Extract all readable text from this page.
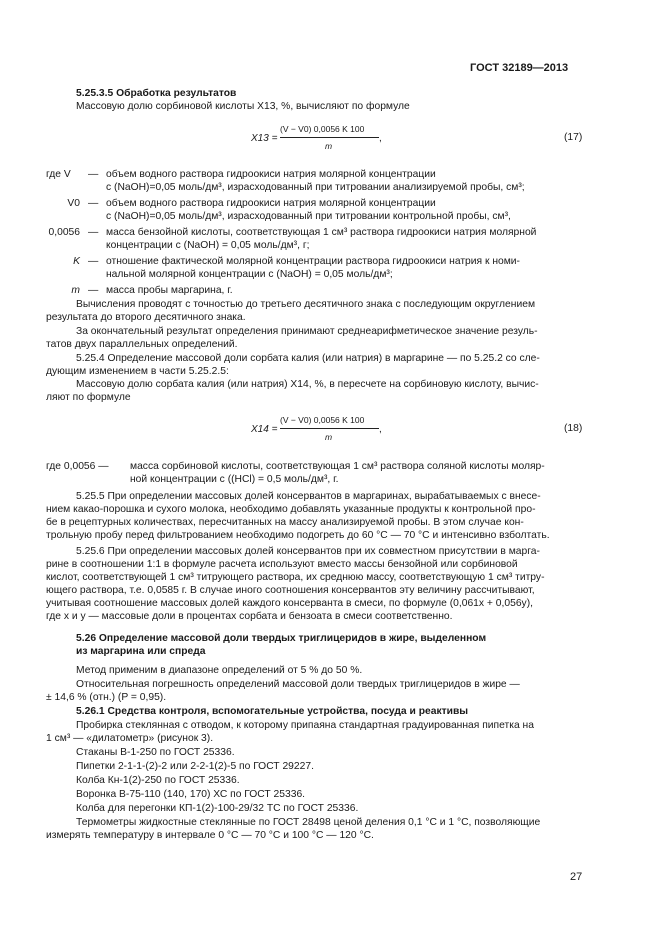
ГОСТ 32189—2013
5.25.3.5 Обработка результатов
Массовую долю сорбиновой кислоты X13, %, вычисляют по формуле
X13 =
(V − V0) 0,0056 K 100
m
,	(17)
где V	— объем водного раствора гидроокиси натрия молярной концентрации
с (NaOH)=0,05 моль/дм³, израсходованный при титровании анализируемой пробы, см³;
V0 — объем водного раствора гидроокиси натрия молярной концентрации
с (NaOH)=0,05 моль/дм³, израсходованный при титровании контрольной пробы, см³,
0,0056 — масса бензойной кислоты, соответствующая 1 см³ раствора гидроокиси натрия молярной
концентрации с (NaOH) = 0,05 моль/дм³, г;
K — отношение фактической молярной концентрации раствора гидроокиси натрия к номи-
нальной молярной концентрации с (NaOH) = 0,05 моль/дм³;
m — масса пробы маргарина, г.
Вычисления проводят с точностью до третьего десятичного знака с последующим округлением
результата до второго десятичного знака.
За окончательный результат определения принимают среднеарифметическое значение резуль-
татов двух параллельных определений.
5.25.4 Определение массовой доли сорбата калия (или натрия) в маргарине — по 5.25.2 со сле-
дующим изменением в части 5.25.2.5:
Массовую долю сорбата калия (или натрия) X14, %, в пересчете на сорбиновую кислоту, вычис-
ляют по формуле
X14 =
(V − V0) 0,0056 K 100
m
,	(18)
где 0,0056 — масса сорбиновой кислоты, соответствующая 1 см³ раствора соляной кислоты моляр-
ной концентрации с ((HCl) = 0,5 моль/дм³, г.
5.25.5 При определении массовых долей консервантов в маргаринах, вырабатываемых с внесе-
нием какао-порошка и сухого молока, необходимо добавлять указанные продукты к контрольной про-
бе в рецептурных количествах, пересчитанных на массу анализируемой пробы. В этом случае кон-
трольную пробу перед фильтрованием необходимо подогреть до 60 °С — 70 °С и интенсивно взболтать.
5.25.6 При определении массовых долей консервантов при их совместном присутствии в марга-
рине в соотношении 1:1 в формуле расчета используют вместо массы бензойной или сорбиновой
кислот, соответствующей 1 см³ титрующего раствора, их среднюю массу, соответствующую 1 см³ титру-
ющего раствора, т.е. 0,0585 г. В случае иного соотношения консервантов эту величину рассчитывают,
учитывая соотношение массовых долей каждого консерванта в смеси, по формуле (0,061x + 0,056y),
где x и y — массовые доли в процентах сорбата и бензоата в смеси соответственно.
5.26 Определение массовой доли твердых триглицеридов в жире, выделенном
из маргарина или спреда
Метод применим в диапазоне определений от 5 % до 50 %.
Относительная погрешность определений массовой доли твердых триглицеридов в жире —
± 14,6 % (отн.) (P = 0,95).
5.26.1 Средства контроля, вспомогательные устройства, посуда и реактивы
Пробирка стеклянная с отводом, к которому припаяна стандартная градуированная пипетка на
1 см³ — «дилатометр» (рисунок 3).
Стаканы В-1-250 по ГОСТ 25336.
Пипетки 2-1-1-(2)-2 или 2-2-1(2)-5 по ГОСТ 29227.
Колба Кн-1(2)-250 по ГОСТ 25336.
Воронка В-75-110 (140, 170) ХС по ГОСТ 25336.
Колба для перегонки КП-1(2)-100-29/32 ТС по ГОСТ 25336.
Термометры жидкостные стеклянные по ГОСТ 28498 ценой деления 0,1 °С и 1 °С, позволяющие
измерять температуру в интервале 0 °С — 70 °С и 100 °С — 120 °С.
27
